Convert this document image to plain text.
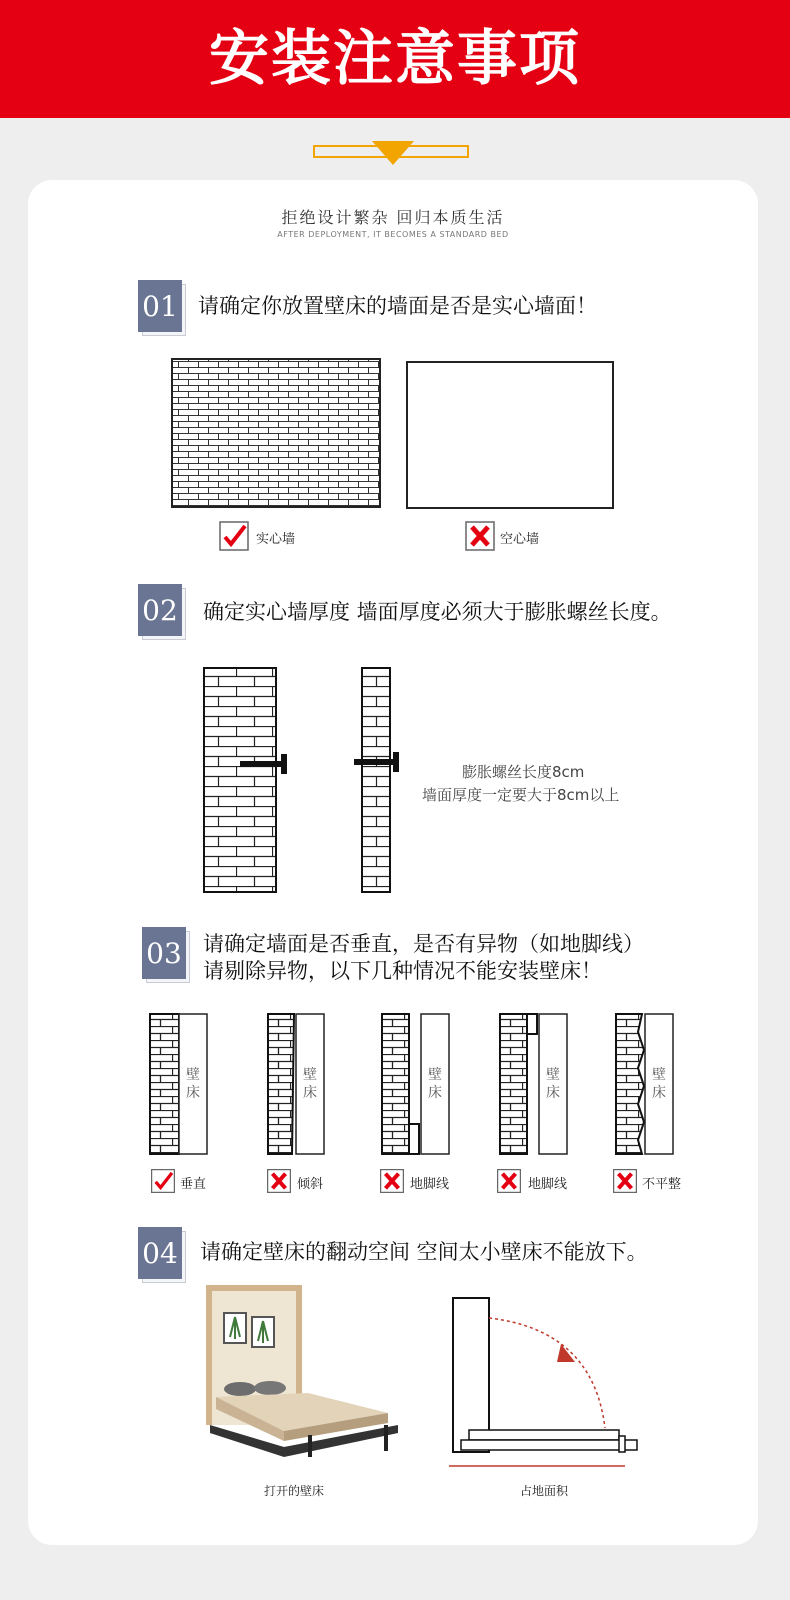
安装注意事项
拒绝设计繁杂 回归本质生活
AFTER DEPLOYMENT, IT BECOMES A STANDARD BED
01 请确定你放置壁床的墙面是否是实心墙面！
实心墙	空心墙
02 确定实心墙厚度 墙面厚度必须大于膨胀螺丝长度。
膨胀螺丝长度8cm
墙面厚度一定要大于8cm以上
03 请确定墙面是否垂直，是否有异物（如地脚线）
请剔除异物，以下几种情况不能安装壁床！
壁床
壁床
壁床
壁床
壁床
垂直	倾斜	地脚线	地脚线	不平整
04 请确定壁床的翻动空间 空间太小壁床不能放下。
打开的壁床	占地面积
